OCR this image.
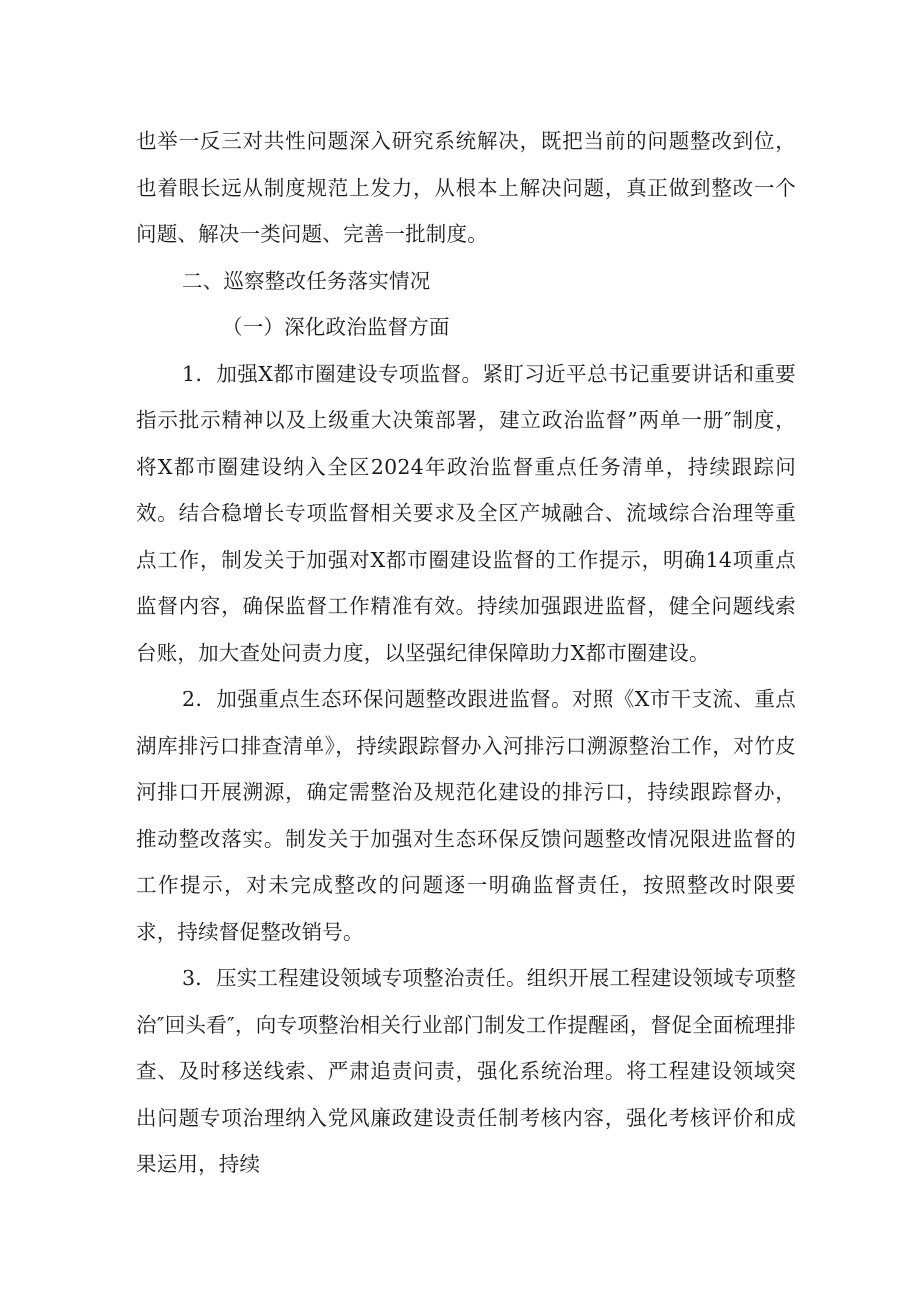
也举一反三对共性问题深入研究系统解决，既把当前的问题整改到位，也着眼长远从制度规范上发力，从根本上解决问题，真正做到整改一个问题、解决一类问题、完善一批制度。

二、巡察整改任务落实情况

（一）深化政治监督方面

1．加强X都市圈建设专项监督。紧盯习近平总书记重要讲话和重要指示批示精神以及上级重大决策部署，建立政治监督”两单一册″制度，将X都市圈建设纳入全区2024年政治监督重点任务清单，持续跟踪问效。结合稳增长专项监督相关要求及全区产城融合、流域综合治理等重点工作，制发关于加强对X都市圈建设监督的工作提示，明确14项重点监督内容，确保监督工作精准有效。持续加强跟进监督，健全问题线索台账，加大查处问责力度，以坚强纪律保障助力X都市圈建设。

2．加强重点生态环保问题整改跟进监督。对照《X市干支流、重点湖库排污口排查清单》，持续跟踪督办入河排污口溯源整治工作，对竹皮河排口开展溯源，确定需整治及规范化建设的排污口，持续跟踪督办，推动整改落实。制发关于加强对生态环保反馈问题整改情况限进监督的工作提示，对未完成整改的问题逐一明确监督责任，按照整改时限要求，持续督促整改销号。

3．压实工程建设领域专项整治责任。组织开展工程建设领域专项整治″回头看″，向专项整治相关行业部门制发工作提醒函，督促全面梳理排查、及时移送线索、严肃追责问责，强化系统治理。将工程建设领域突出问题专项治理纳入党风廉政建设责任制考核内容，强化考核评价和成果运用，持续
